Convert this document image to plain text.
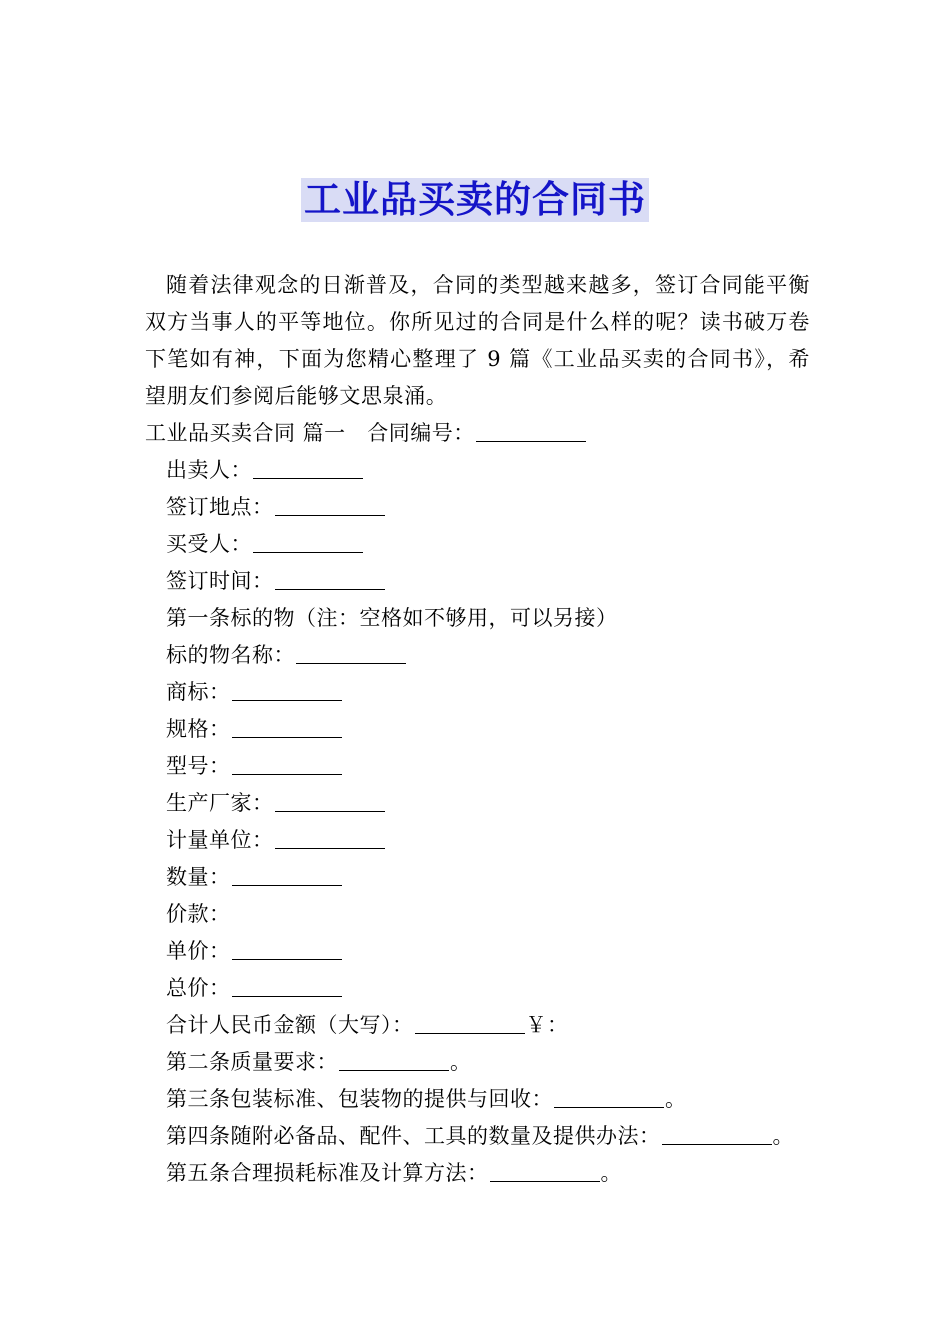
工业品买卖的合同书

随着法律观念的日渐普及，合同的类型越来越多，签订合同能平衡双方当事人的平等地位。你所见过的合同是什么样的呢？读书破万卷下笔如有神，下面为您精心整理了 9 篇《工业品买卖的合同书》，希望朋友们参阅后能够文思泉涌。

工业品买卖合同 篇一 合同编号：

出卖人：

签订地点：

买受人：

签订时间：

第一条标的物（注：空格如不够用，可以另接）

标的物名称：

商标：

规格：

型号：

生产厂家：

计量单位：

数量：

价款：

单价：

总价：

合计人民币金额（大写）：	￥：

第二条质量要求：	。

第三条包装标准、包装物的提供与回收：	。

第四条随附必备品、配件、工具的数量及提供办法：	。

第五条合理损耗标准及计算方法：	。
